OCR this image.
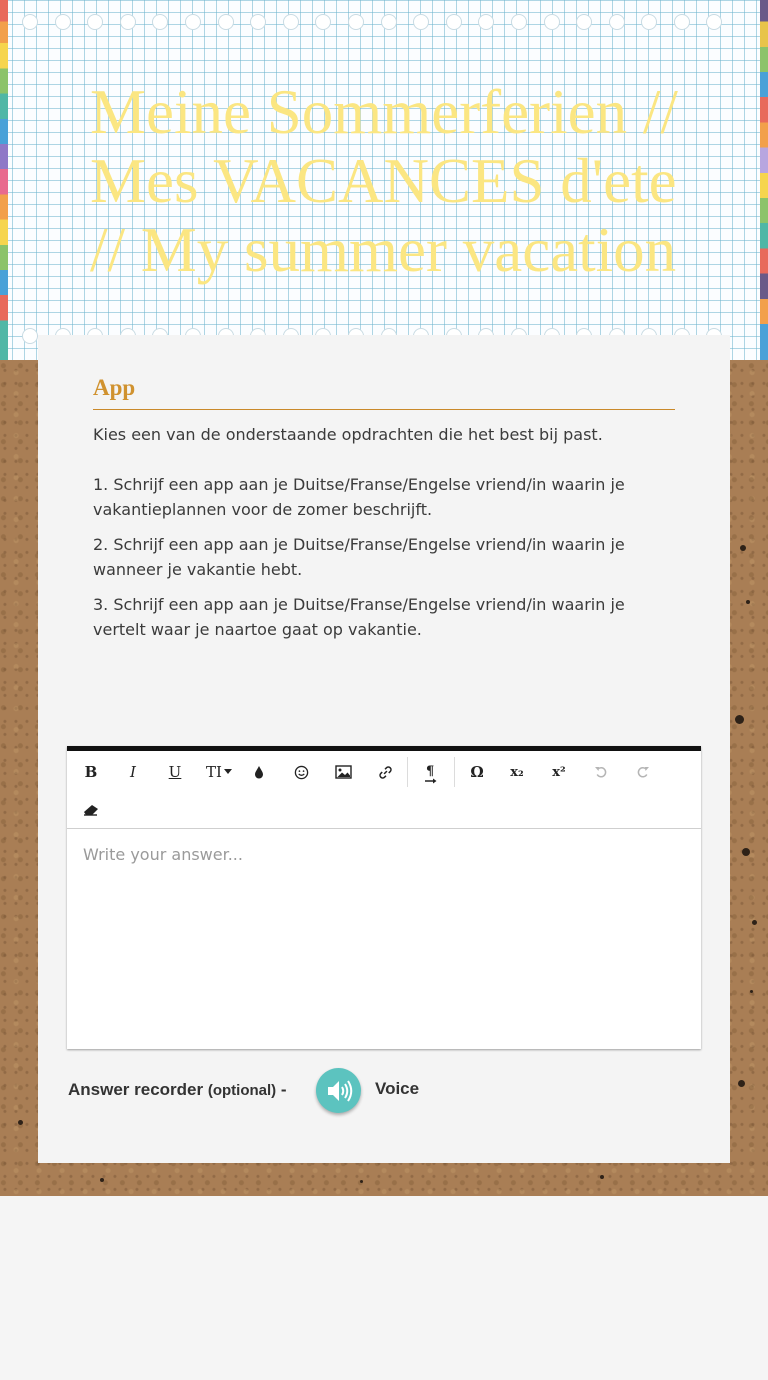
Meine Sommerferien // Mes VACANCES d'ete // My summer vacation
App

Kies een van de onderstaande opdrachten die het best bij past.

1. Schrijf een app aan je Duitse/Franse/Engelse vriend/in waarin je vakantieplannen voor de zomer beschrijft.

2. Schrijf een app aan je Duitse/Franse/Engelse vriend/in waarin je wanneer je vakantie hebt.

3. Schrijf een app aan je Duitse/Franse/Engelse vriend/in waarin je vertelt waar je naartoe gaat op vakantie.

B	I	U	TI	¶	Ω	x₂	x²
Write your answer...
Answer recorder (optional) -	Voice
